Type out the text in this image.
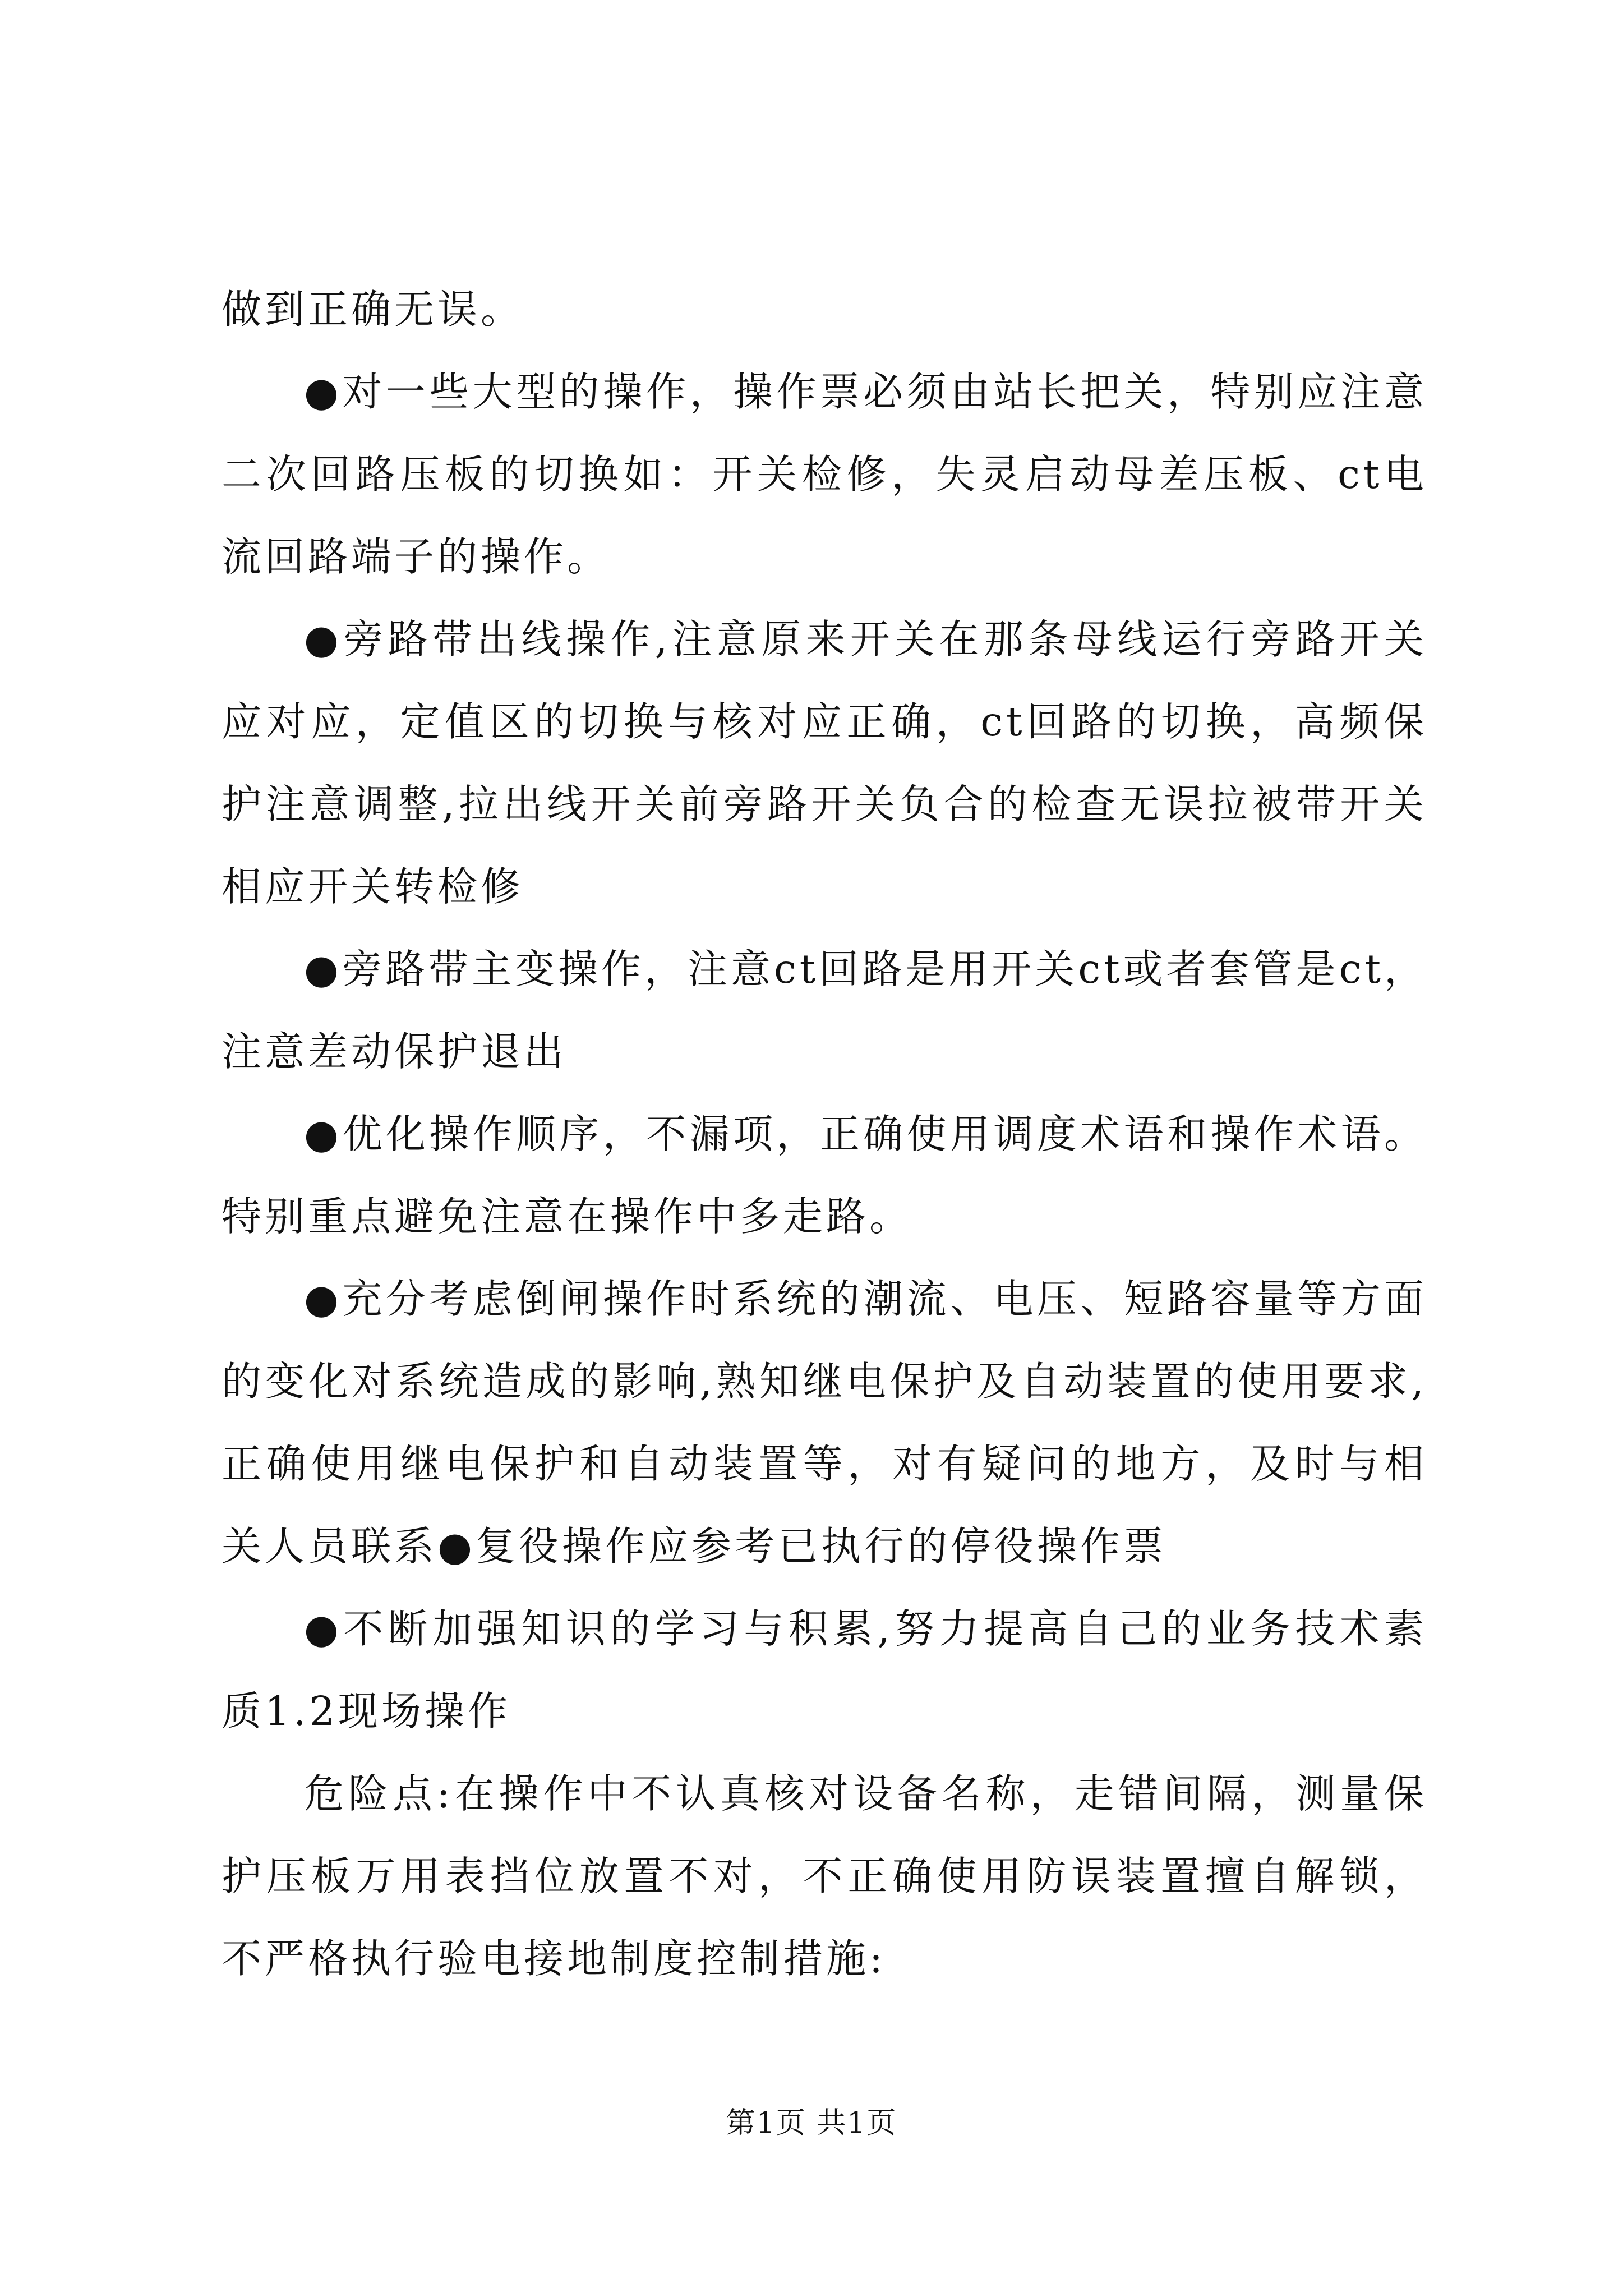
做到正确无误。

●对一些大型的操作，操作票必须由站长把关，特别应注意二次回路压板的切换如：开关检修，失灵启动母差压板、ct电流回路端子的操作。

●旁路带出线操作,注意原来开关在那条母线运行旁路开关应对应，定值区的切换与核对应正确，ct回路的切换，高频保护注意调整,拉出线开关前旁路开关负合的检查无误拉被带开关相应开关转检修

●旁路带主变操作，注意ct回路是用开关ct或者套管是ct，注意差动保护退出

●优化操作顺序，不漏项，正确使用调度术语和操作术语。特别重点避免注意在操作中多走路。

●充分考虑倒闸操作时系统的潮流、电压、短路容量等方面的变化对系统造成的影响,熟知继电保护及自动装置的使用要求,正确使用继电保护和自动装置等，对有疑问的地方，及时与相关人员联系●复役操作应参考已执行的停役操作票

●不断加强知识的学习与积累,努力提高自己的业务技术素质1.2现场操作

危险点:在操作中不认真核对设备名称，走错间隔，测量保护压板万用表挡位放置不对，不正确使用防误装置擅自解锁，不严格执行验电接地制度控制措施:

第1页 共1页
